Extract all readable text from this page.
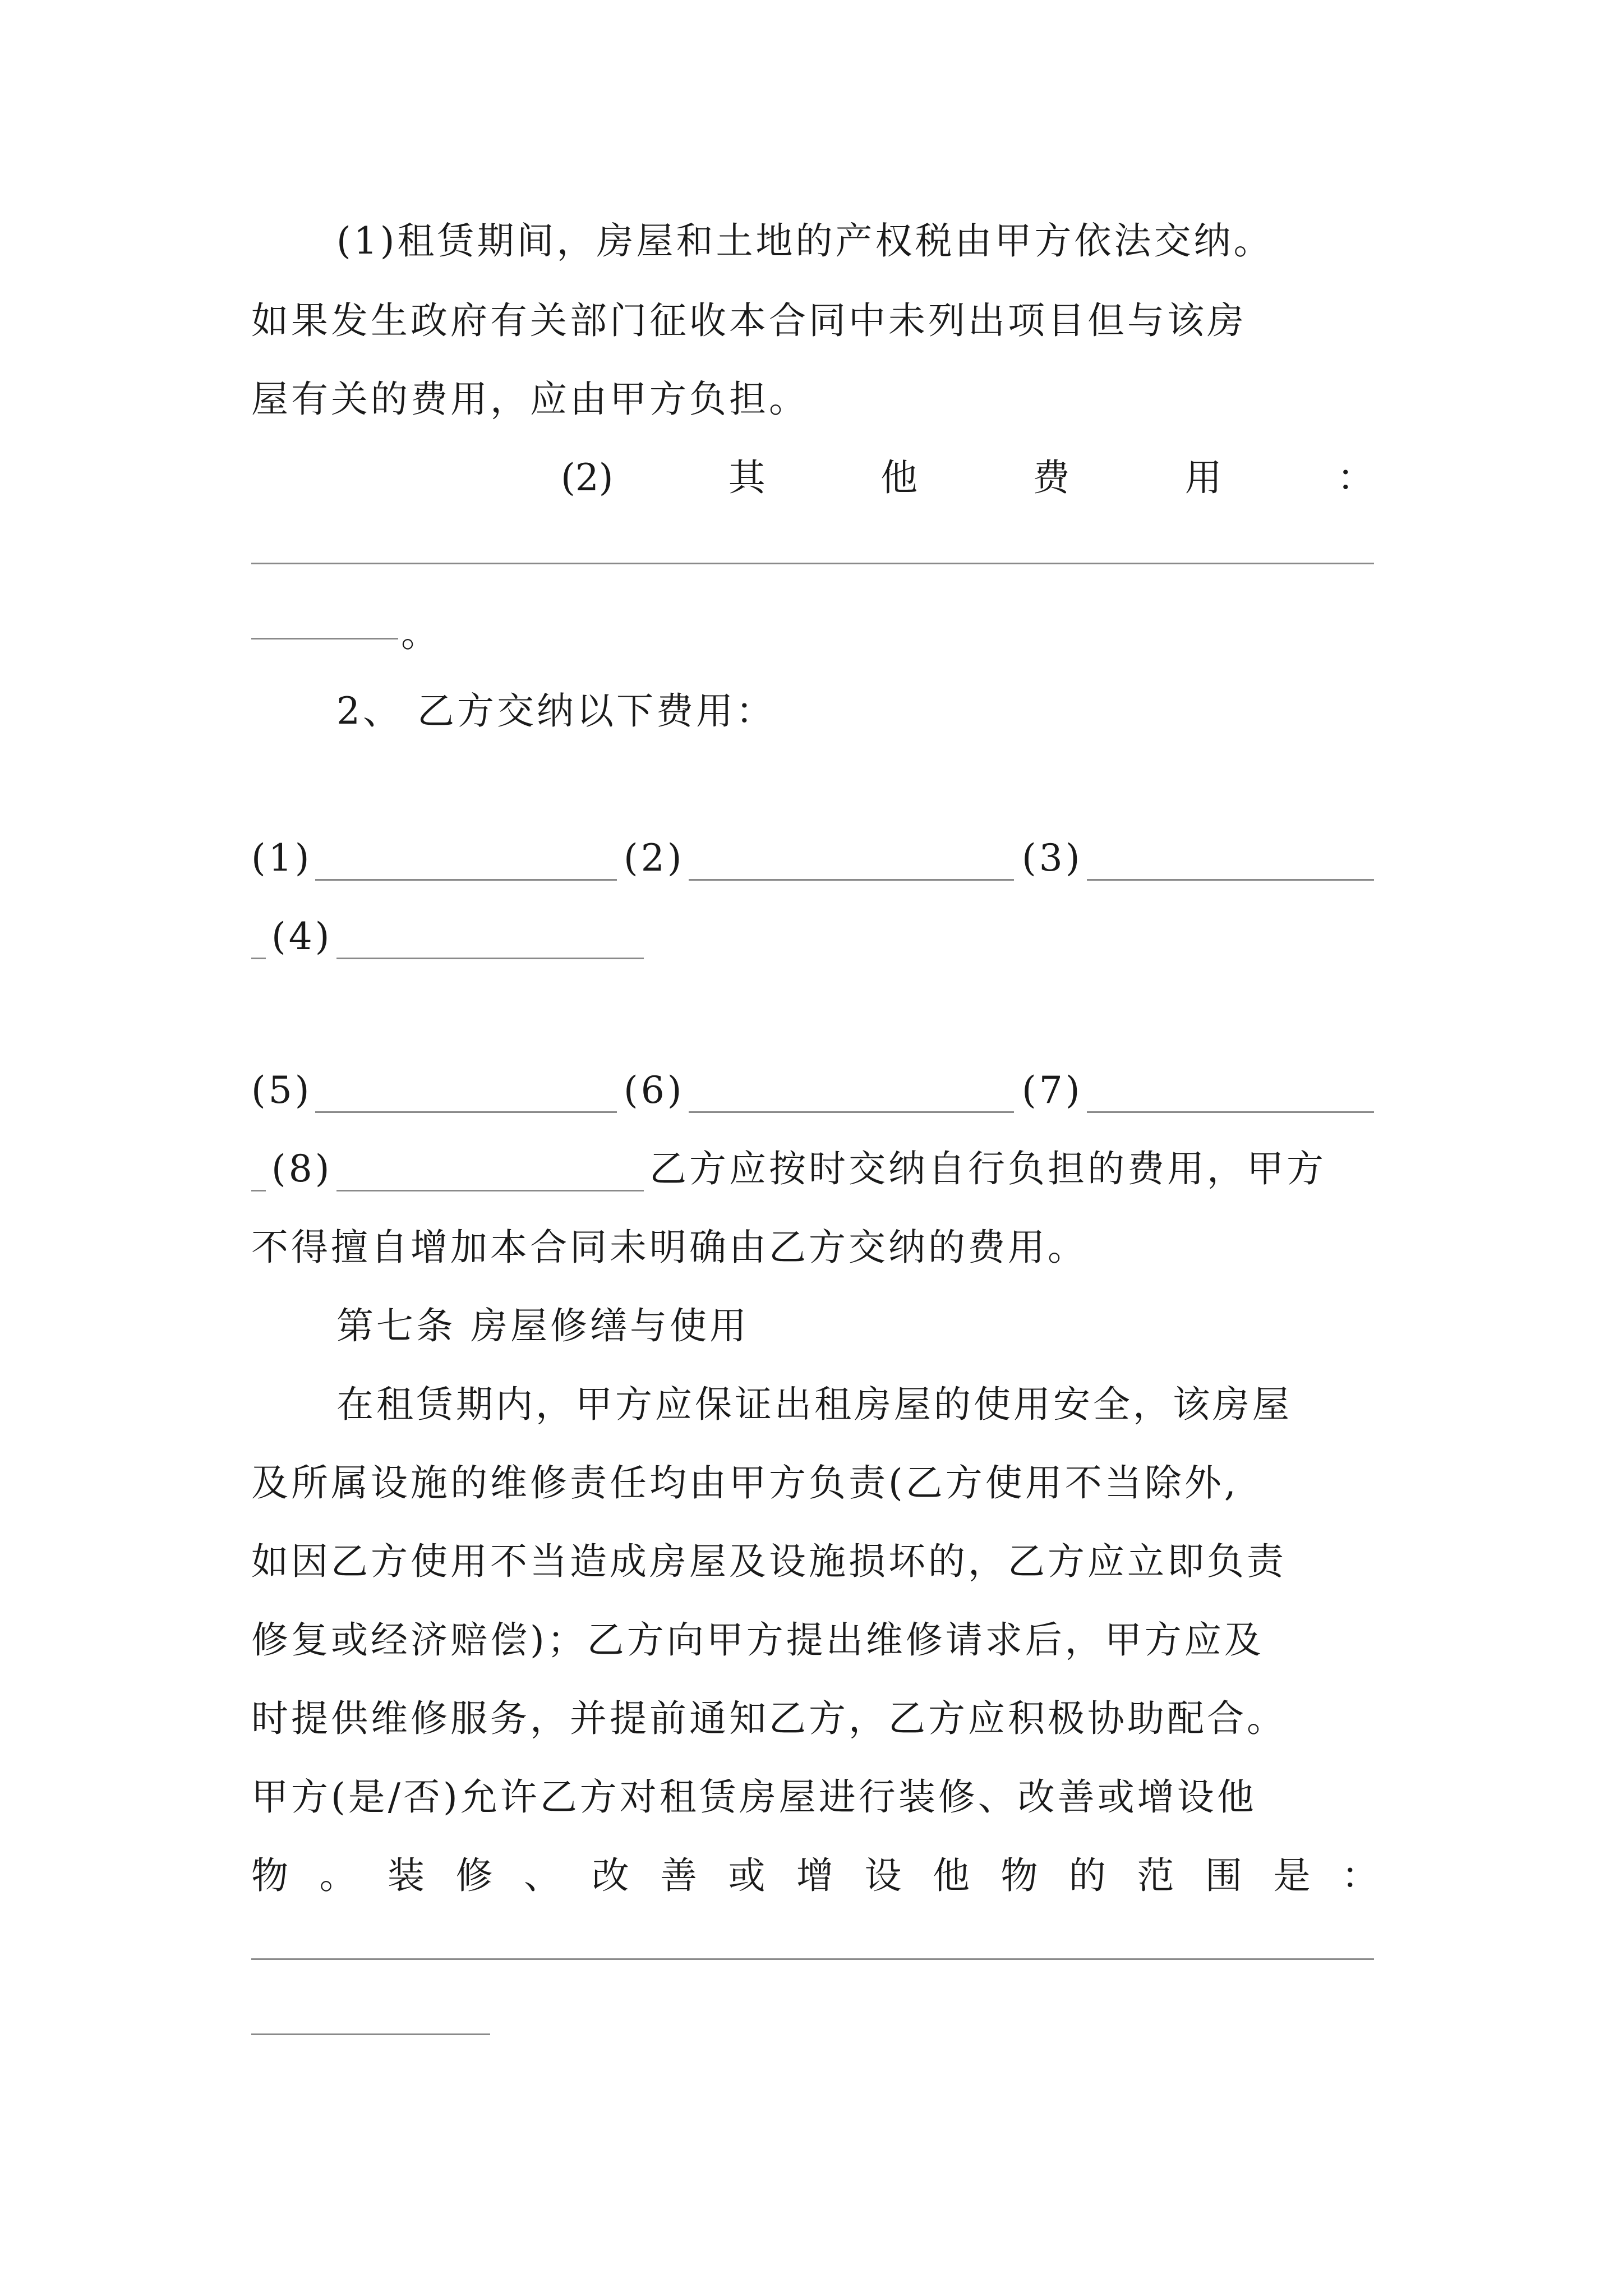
(1)租赁期间，房屋和土地的产权税由甲方依法交纳。
如果发生政府有关部门征收本合同中未列出项目但与该房
屋有关的费用，应由甲方负担。
(2)	其	他	费	用	：
。
2、 乙方交纳以下费用：
(1)	(2)	(3)
(4)
(5)	(6)	(7)
(8)	乙方应按时交纳自行负担的费用，甲方
不得擅自增加本合同未明确由乙方交纳的费用。
第七条 房屋修缮与使用
在租赁期内，甲方应保证出租房屋的使用安全，该房屋
及所属设施的维修责任均由甲方负责(乙方使用不当除外,
如因乙方使用不当造成房屋及设施损坏的，乙方应立即负责
修复或经济赔偿)；乙方向甲方提出维修请求后，甲方应及
时提供维修服务，并提前通知乙方，乙方应积极协助配合。
甲方(是/否)允许乙方对租赁房屋进行装修、改善或增设他
物 。 装 修 、 改 善 或 增 设 他 物 的 范 围 是 ：
